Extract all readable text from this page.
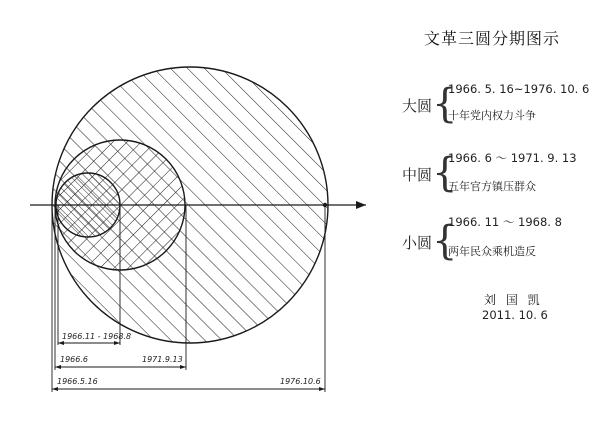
1966.11 - 1968.8
1966.6	1971.9.13
1966.5.16	1976.10.6
文革三圆分期图示
大圆 {
1966. 5. 16~1976. 10. 6
十年党内权力斗争
中圆 {
1966. 6 ～ 1971. 9. 13
五年官方镇压群众
小圆 {
1966. 11 ～ 1968. 8
两年民众乘机造反
刘 国 凯
2011. 10. 6
